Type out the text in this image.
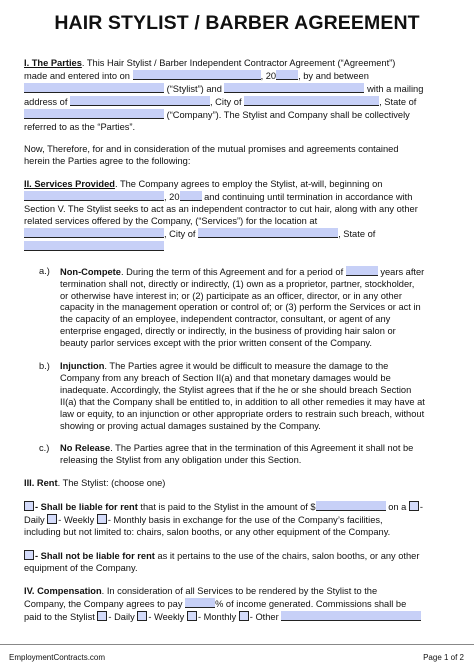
HAIR STYLIST / BARBER AGREEMENT

I. The Parties. This Hair Stylist / Barber Independent Contractor Agreement (“Agreement”)
made and entered into on	, 20 , by and between
(“Stylist”) and	with a mailing
address of	, City of	, State of
(“Company”). The Stylist and Company shall be collectively
referred to as the “Parties”.

Now, Therefore, for and in consideration of the mutual promises and agreements contained
herein the Parties agree to the following:

II. Services Provided. The Company agrees to employ the Stylist, at-will, beginning on
, 20	and continuing until termination in accordance with
Section V. The Stylist seeks to act as an independent contractor to cut hair, along with any other
related services offered by the Company, (“Services”) for the location at
, City of	, State of

a.) Non-Compete. During the term of this Agreement and for a period of	years after
termination shall not, directly or indirectly, (1) own as a proprietor, partner, stockholder,
or otherwise have interest in; or (2) participate as an officer, director, or in any other
capacity in the management operation or control of; or (3) perform the Services or act in
the capacity of an employee, independent contractor, consultant, or agent of any
enterprise engaged, directly or indirectly, in the business of providing hair salon or
beauty parlor services except with the prior written consent of the Company.

b.) Injunction. The Parties agree it would be difficult to measure the damage to the
Company from any breach of Section II(a) and that monetary damages would be
inadequate. Accordingly, the Stylist agrees that if the he or she should breach Section
II(a) that the Company shall be entitled to, in addition to all other remedies it may have at
law or equity, to an injunction or other appropriate orders to restrain such breach, without
showing or proving actual damages sustained by the Company.

c.) No Release. The Parties agree that in the termination of this Agreement it shall not be
releasing the Stylist from any obligation under this Section.

III. Rent. The Stylist: (choose one)

- Shall be liable for rent that is paid to the Stylist in the amount of $	on a -
Daily - Weekly - Monthly basis in exchange for the use of the Company’s facilities,
including but not limited to: chairs, salon booths, or any other equipment of the Company.

- Shall not be liable for rent as it pertains to the use of the chairs, salon booths, or any other
equipment of the Company.

IV. Compensation. In consideration of all Services to be rendered by the Stylist to the
Company, the Company agrees to pay	% of income generated. Commissions shall be
paid to the Stylist - Daily - Weekly - Monthly - Other

EmploymentContracts.com	Page 1 of 2
